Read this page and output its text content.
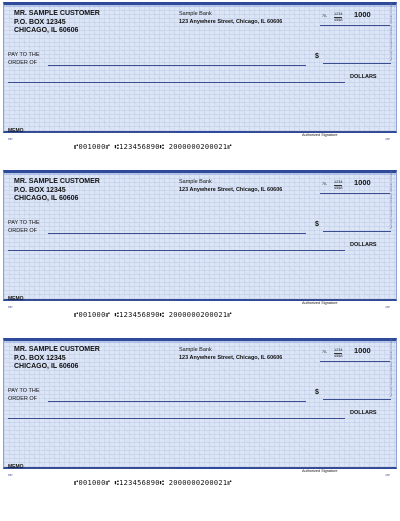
MR. SAMPLE CUSTOMER
P.O. BOX 12345
CHICAGO, IL 60606
Sample Bank
123 Anywhere Street, Chicago, IL 60606
$70- \frac{1234}{4568} 1000$
PAY TO THE
ORDER OF
$
DOLLARS
MEMO
Authorized Signature
MP	MP
Security Features Included. Details on back.
⑈001000⑈ ⑆123456890⑆ 2000000200021⑈
MR. SAMPLE CUSTOMER
P.O. BOX 12345
CHICAGO, IL 60606
Sample Bank
123 Anywhere Street, Chicago, IL 60606
$70- \frac{1234}{4568} 1000$
PAY TO THE
ORDER OF
$
DOLLARS
MEMO
Authorized Signature
MP	MP
Security Features Included. Details on back.
⑈001000⑈ ⑆123456890⑆ 2000000200021⑈
MR. SAMPLE CUSTOMER
P.O. BOX 12345
CHICAGO, IL 60606
Sample Bank
123 Anywhere Street, Chicago, IL 60606
$70- \frac{1234}{4568} 1000$
PAY TO THE
ORDER OF
$
DOLLARS
MEMO
Authorized Signature
MP	MP
Security Features Included. Details on back.
⑈001000⑈ ⑆123456890⑆ 2000000200021⑈
